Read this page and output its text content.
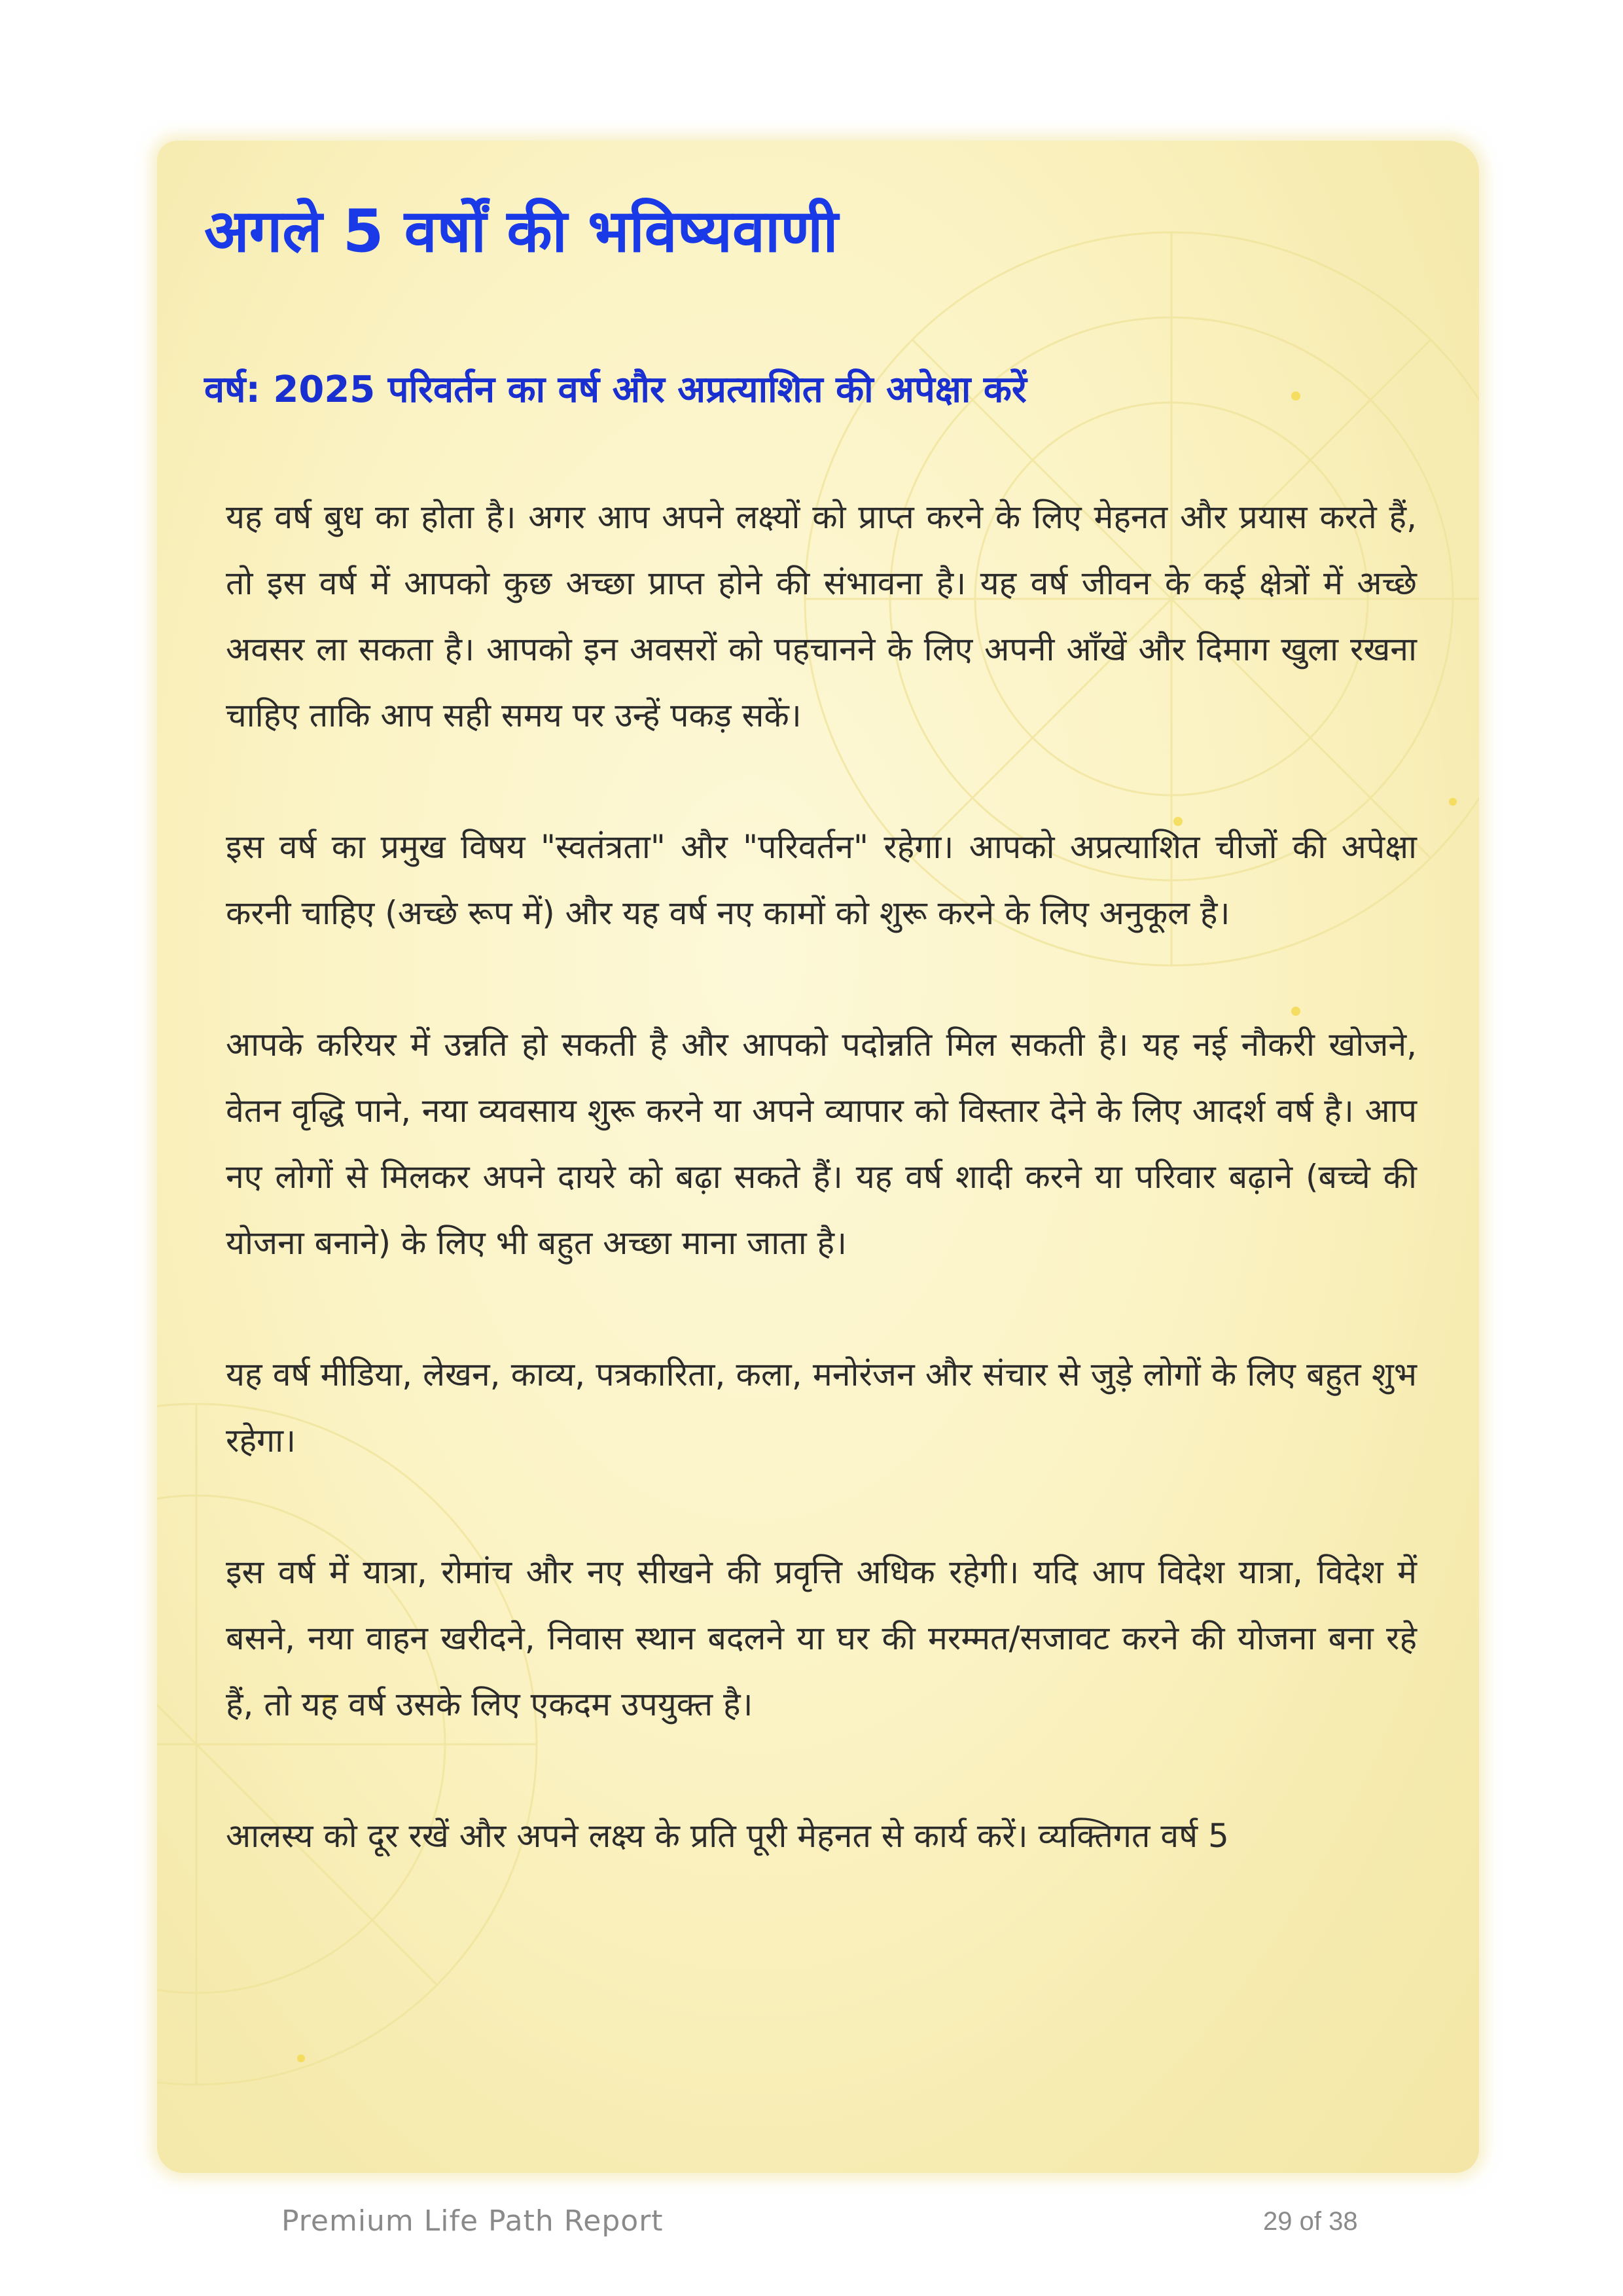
अगले 5 वर्षों की भविष्यवाणी
वर्ष: 2025 परिवर्तन का वर्ष और अप्रत्याशित की अपेक्षा करें

यह वर्ष बुध का होता है। अगर आप अपने लक्ष्यों को प्राप्त करने के लिए मेहनत और प्रयास करते हैं, तो इस वर्ष में आपको कुछ अच्छा प्राप्त होने की संभावना है। यह वर्ष जीवन के कई क्षेत्रों में अच्छे अवसर ला सकता है। आपको इन अवसरों को पहचानने के लिए अपनी आँखें और दिमाग खुला रखना चाहिए ताकि आप सही समय पर उन्हें पकड़ सकें।

इस वर्ष का प्रमुख विषय "स्वतंत्रता" और "परिवर्तन" रहेगा। आपको अप्रत्याशित चीजों की अपेक्षा करनी चाहिए (अच्छे रूप में) और यह वर्ष नए कामों को शुरू करने के लिए अनुकूल है।

आपके करियर में उन्नति हो सकती है और आपको पदोन्नति मिल सकती है। यह नई नौकरी खोजने, वेतन वृद्धि पाने, नया व्यवसाय शुरू करने या अपने व्यापार को विस्तार देने के लिए आदर्श वर्ष है। आप नए लोगों से मिलकर अपने दायरे को बढ़ा सकते हैं। यह वर्ष शादी करने या परिवार बढ़ाने (बच्चे की योजना बनाने) के लिए भी बहुत अच्छा माना जाता है।

यह वर्ष मीडिया, लेखन, काव्य, पत्रकारिता, कला, मनोरंजन और संचार से जुड़े लोगों के लिए बहुत शुभ रहेगा।

इस वर्ष में यात्रा, रोमांच और नए सीखने की प्रवृत्ति अधिक रहेगी। यदि आप विदेश यात्रा, विदेश में बसने, नया वाहन खरीदने, निवास स्थान बदलने या घर की मरम्मत/सजावट करने की योजना बना रहे हैं, तो यह वर्ष उसके लिए एकदम उपयुक्त है।

आलस्य को दूर रखें और अपने लक्ष्य के प्रति पूरी मेहनत से कार्य करें। व्यक्तिगत वर्ष 5

Premium Life Path Report	29 of 38
